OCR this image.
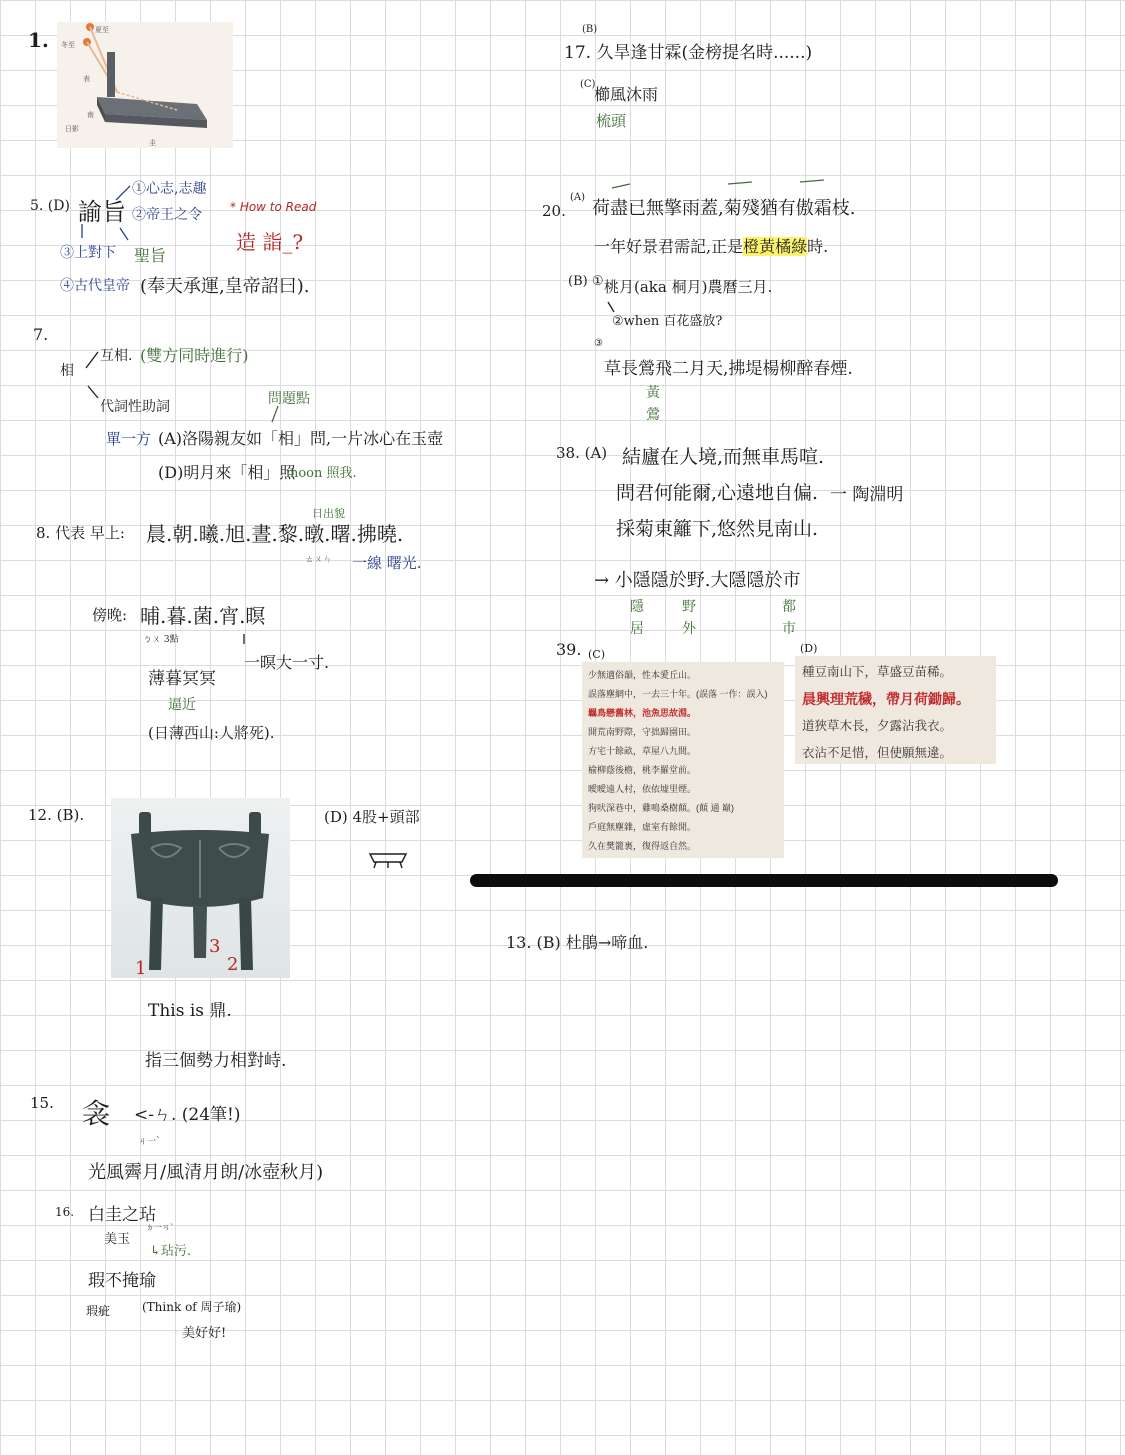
1.	夏至
冬至
表
南
日影
圭
5. (D) 諭旨
①心志,志趣
②帝王之令 * How to Read
造 詣_?
③上對下 聖旨
④古代皇帝 (奉天承運,皇帝詔曰).
7.
相
互相. (雙方同時進行)
代詞性助詞	問題點
單一方 (A)洛陽親友如「相」問,一片冰心在玉壺
(D)明月來「相」照
moon 照我.
日出貌
8. 代表 早上: 晨.朝.曦.旭.晝.黎.暾.曙.拂曉.
ㄊㄨㄣ 一線 曙光.
傍晚: 晡.暮.菌.宵.暝
ㄅㄨ 3點
一暝大一寸.
薄暮冥冥
逼近
(日薄西山:人將死).
12. (B).
1
3
2
(D) 4股+頭部
This is 鼎.
指三個勢力相對峙.
15. 衾 <-ㄣ. (24筆!)
ㄐ一ˋ
光風霽月/風清月朗/冰壺秋月)
16. 白圭之玷
美玉
ㄉ一ㄢˋ
↳玷污.
瑕不掩瑜
瑕疵	(Think of 周子瑜)
美好好!
(B)
17. 久旱逢甘霖(金榜提名時......)
(C)
櫛風沐雨
梳頭
20.
(A)
荷盡已無擎雨蓋,菊殘猶有傲霜枝.
一年好景君需記,正是橙黃橘綠時.
(B) ① 桃月(aka 桐月)農曆三月.
②when 百花盛放?
③
草長鶯飛二月天,拂堤楊柳醉春煙.
黃
鶯
38. (A) 結廬在人境,而無車馬喧.
問君何能爾,心遠地自偏. 一 陶淵明
採菊東籬下,悠然見南山.
→ 小隱隱於野.大隱隱於市
隱居
野外
都市
39. (C)	(D)
少無適俗韻，性本愛丘山。
誤落塵網中，一去三十年。(誤落 一作：誤入)
羈鳥戀舊林，池魚思故淵。
開荒南野際，守拙歸園田。
方宅十餘畝，草屋八九間。
榆柳蔭後檐，桃李羅堂前。
曖曖遠人村，依依墟里煙。
狗吠深巷中，雞鳴桑樹顛。(顛 通 巔)
戶庭無塵雜，虛室有餘閒。
久在樊籠裏，復得返自然。
種豆南山下，草盛豆苗稀。
晨興理荒穢，帶月荷鋤歸。
道狹草木長，夕露沾我衣。
衣沾不足惜，但使願無違。
13. (B) 杜鵑→啼血.
